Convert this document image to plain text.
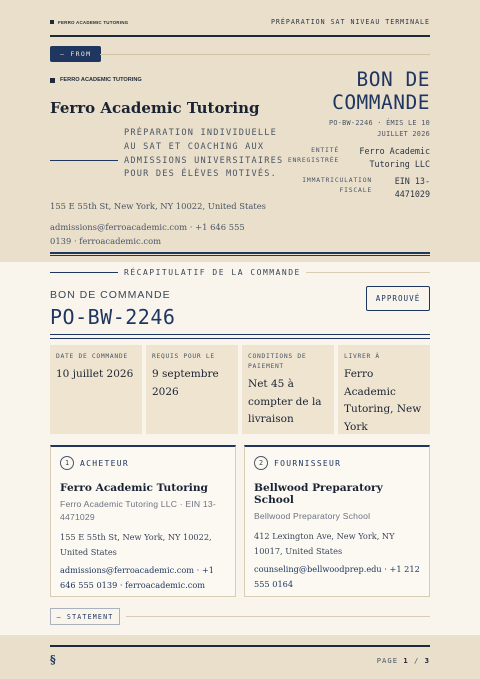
FERRO ACADEMIC TUTORING	PRÉPARATION SAT NIVEAU TERMINALE
— FROM
FERRO ACADEMIC TUTORING
Ferro Academic Tutoring
PRÉPARATION INDIVIDUELLE AU SAT ET COACHING AUX ADMISSIONS UNIVERSITAIRES POUR DES ÉLÈVES MOTIVÉS.
155 E 55th St, New York, NY 10022, United States
admissions@ferroacademic.com · +1 646 555 0139 · ferroacademic.com
BON DE COMMANDE
PO-BW-2246 · ÉMIS LE 10 JUILLET 2026
ENTITÉ ENREGISTRÉE
Ferro Academic Tutoring LLC
IMMATRICULATION FISCALE
EIN 13-4471029
RÉCAPITULATIF DE LA COMMANDE
BON DE COMMANDE
PO-BW-2246
APPROUVÉ
DATE DE COMMANDE
10 juillet 2026
REQUIS POUR LE
9 septembre 2026
CONDITIONS DE PAIEMENT
Net 45 à compter de la livraison
LIVRER À
Ferro Academic Tutoring, New York
1	ACHETEUR
Ferro Academic Tutoring
Ferro Academic Tutoring LLC · EIN 13-4471029
155 E 55th St, New York, NY 10022, United States
admissions@ferroacademic.com · +1 646 555 0139 · ferroacademic.com
2	FOURNISSEUR
Bellwood Preparatory School
Bellwood Preparatory School
412 Lexington Ave, New York, NY 10017, United States
counseling@bellwoodprep.edu · +1 212 555 0164
— STATEMENT
§	PAGE 1 / 3
